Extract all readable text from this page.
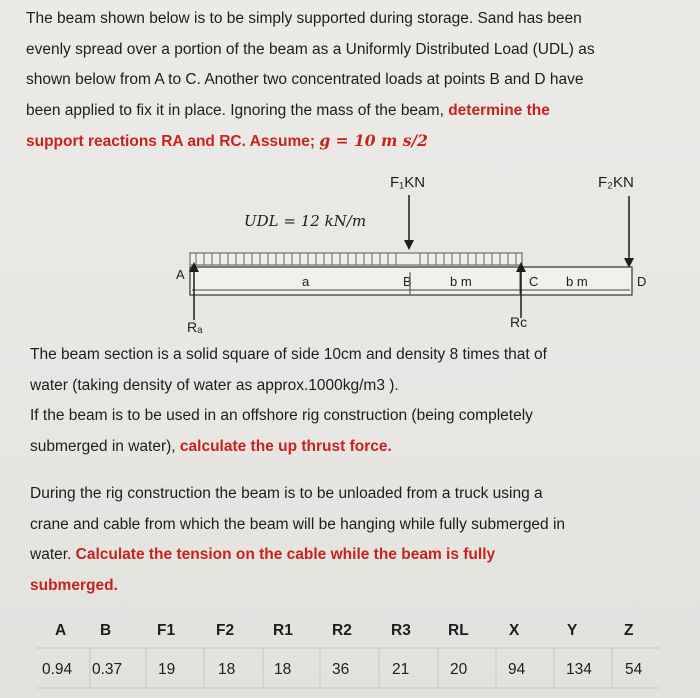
The beam shown below is to be simply supported during storage. Sand has been
evenly spread over a portion of the beam as a Uniformly Distributed Load (UDL) as
shown below from A to C. Another two concentrated loads at points B and D have
been applied to fix it in place. Ignoring the mass of the beam, determine the
support reactions RA and RC. Assume; g = 10 m s/2
F₁KN	F₂KN
UDL = 12 kN/m
A	B	C	D
a	b m	b m
Rₐ	Rc
The beam section is a solid square of side 10cm and density 8 times that of
water (taking density of water as approx.1000kg/m3 ).
If the beam is to be used in an offshore rig construction (being completely
submerged in water), calculate the up thrust force.
During the rig construction the beam is to be unloaded from a truck using a
crane and cable from which the beam will be hanging while fully submerged in
water. Calculate the tension on the cable while the beam is fully
submerged.
A B	F1	F2	R1	R2	R3 RL	X	Y	Z
0.94 0.37 19	18	18	36	21	20	94	134 54
